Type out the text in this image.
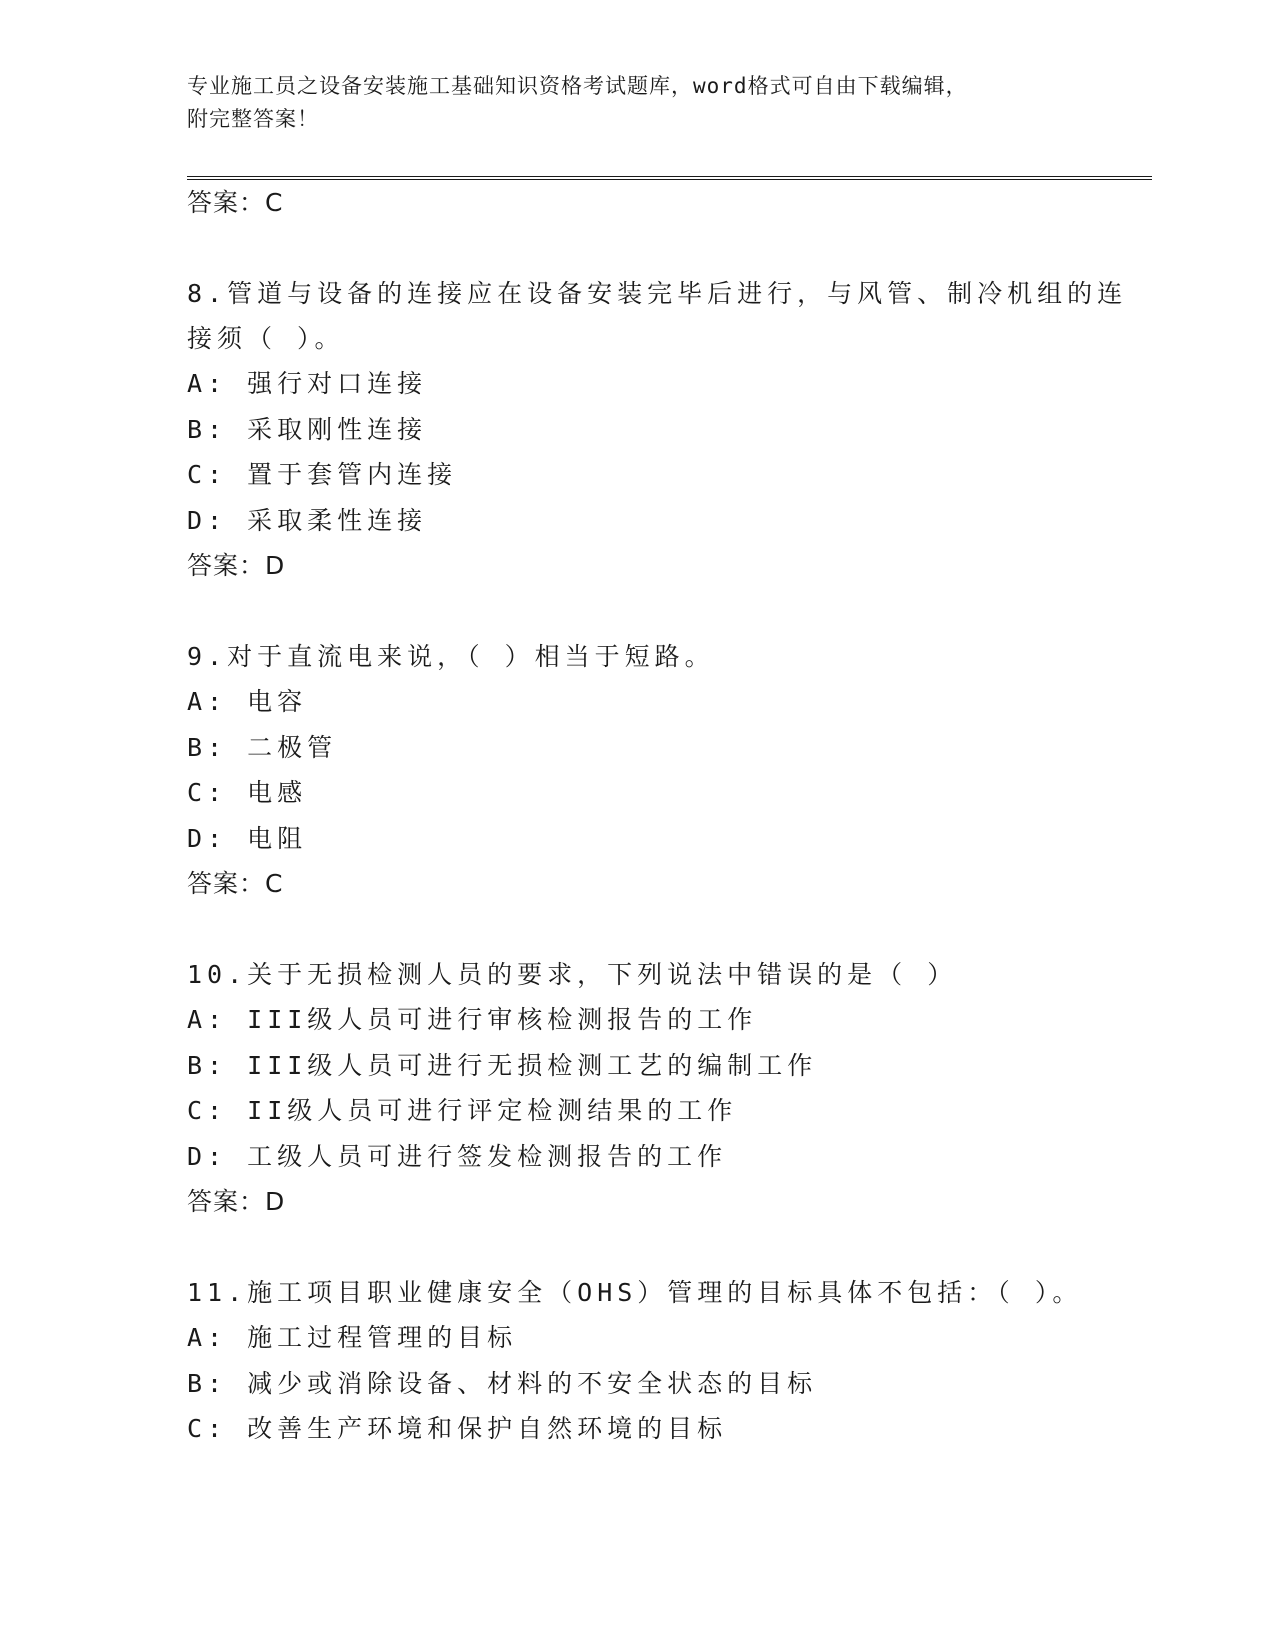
专业施工员之设备安装施工基础知识资格考试题库，word格式可自由下载编辑，
附完整答案！

答案：C

8.管道与设备的连接应在设备安装完毕后进行，与风管、制冷机组的连接须（ ）。

A: 强行对口连接

B: 采取刚性连接

C: 置于套管内连接

D: 采取柔性连接

答案：D

9.对于直流电来说，（ ）相当于短路。

A: 电容

B: 二极管

C: 电感

D: 电阻

答案：C

10.关于无损检测人员的要求，下列说法中错误的是（ ）

A: III级人员可进行审核检测报告的工作

B: III级人员可进行无损检测工艺的编制工作

C: II级人员可进行评定检测结果的工作

D: 工级人员可进行签发检测报告的工作

答案：D

11.施工项目职业健康安全（OHS）管理的目标具体不包括：（ ）。

A: 施工过程管理的目标

B: 减少或消除设备、材料的不安全状态的目标

C: 改善生产环境和保护自然环境的目标
